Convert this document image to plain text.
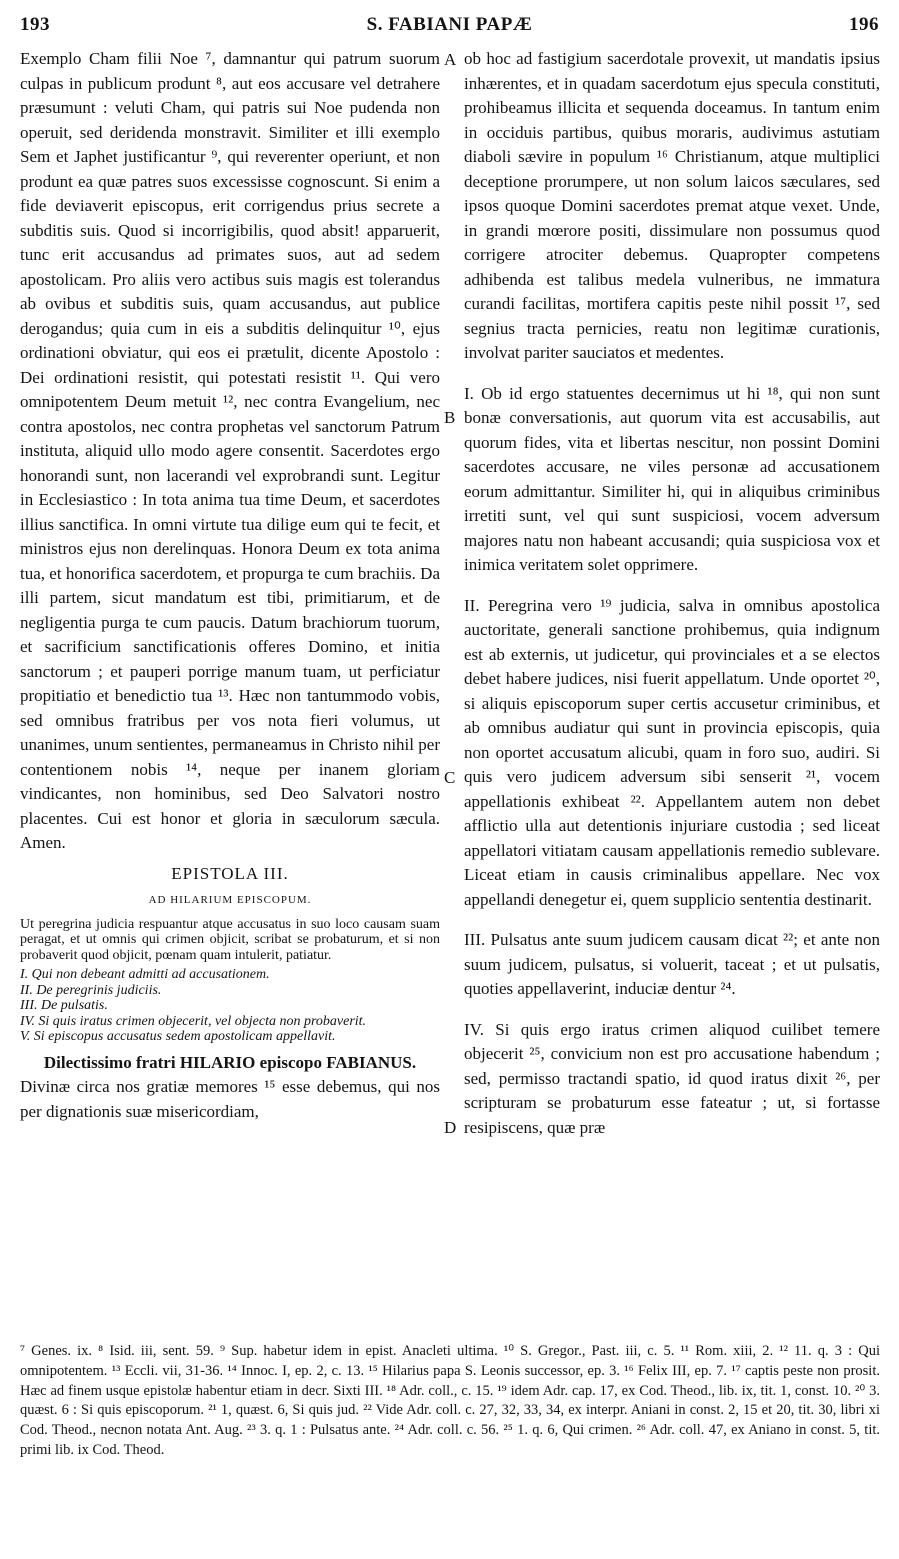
193	S. FABIANI PAPÆ	196

Exemplo Cham filii Noe ⁷, damnantur qui patrum suorum culpas in publicum produnt ⁸, aut eos accusare vel detrahere præsumunt : veluti Cham, qui patris sui Noe pudenda non operuit, sed deridenda monstravit. Similiter et illi exemplo Sem et Japhet justificantur ⁹, qui reverenter operiunt, et non produnt ea quæ patres suos excessisse cognoscunt. Si enim a fide deviaverit episcopus, erit corrigendus prius secrete a subditis suis. Quod si incorrigibilis, quod absit! apparuerit, tunc erit accusandus ad primates suos, aut ad sedem apostolicam. Pro aliis vero actibus suis magis est tolerandus ab ovibus et subditis suis, quam accusandus, aut publice derogandus; quia cum in eis a subditis delinquitur ¹⁰, ejus ordinationi obviatur, qui eos ei prætulit, dicente Apostolo : Dei ordinationi resistit, qui potestati resistit ¹¹. Qui vero omnipotentem Deum metuit ¹², nec contra Evangelium, nec contra apostolos, nec contra prophetas vel sanctorum Patrum instituta, aliquid ullo modo agere consentit. Sacerdotes ergo honorandi sunt, non lacerandi vel exprobrandi sunt. Legitur in Ecclesiastico : In tota anima tua time Deum, et sacerdotes illius sanctifica. In omni virtute tua dilige eum qui te fecit, et ministros ejus non derelinquas. Honora Deum ex tota anima tua, et honorifica sacerdotem, et propurga te cum brachiis. Da illi partem, sicut mandatum est tibi, primitiarum, et de negligentia purga te cum paucis. Datum brachiorum tuorum, et sacrificium sanctificationis offeres Domino, et initia sanctorum ; et pauperi porrige manum tuam, ut perficiatur propitiatio et benedictio tua ¹³. Hæc non tantummodo vobis, sed omnibus fratribus per vos nota fieri volumus, ut unanimes, unum sentientes, permaneamus in Christo nihil per contentionem nobis ¹⁴, neque per inanem gloriam vindicantes, non hominibus, sed Deo Salvatori nostro placentes. Cui est honor et gloria in sæculorum sæcula. Amen.

EPISTOLA III.
AD HILARIUM EPISCOPUM.
Ut peregrina judicia respuantur atque accusatus in suo loco causam suam peragat, et ut omnis qui crimen objicit, scribat se probaturum, et si non probaverit quod objicit, pœnam quam intulerit, patiatur.
I. Qui non debeant admitti ad accusationem.
II. De peregrinis judiciis.
III. De pulsatis.
IV. Si quis iratus crimen objecerit, vel objecta non probaverit.
V. Si episcopus accusatus sedem apostolicam appellavit.
Dilectissimo fratri HILARIO episcopo FABIANUS.

Divinæ circa nos gratiæ memores ¹⁵ esse debemus, qui nos per dignationis suæ misericordiam,

A
B
C
D

ob hoc ad fastigium sacerdotale provexit, ut mandatis ipsius inhærentes, et in quadam sacerdotum ejus specula constituti, prohibeamus illicita et sequenda doceamus. In tantum enim in occiduis partibus, quibus moraris, audivimus astutiam diaboli sævire in populum ¹⁶ Christianum, atque multiplici deceptione prorumpere, ut non solum laicos sæculares, sed ipsos quoque Domini sacerdotes premat atque vexet. Unde, in grandi mœrore positi, dissimulare non possumus quod corrigere atrociter debemus. Quapropter competens adhibenda est talibus medela vulneribus, ne immatura curandi facilitas, mortifera capitis peste nihil possit ¹⁷, sed segnius tracta pernicies, reatu non legitimæ curationis, involvat pariter sauciatos et medentes.

I. Ob id ergo statuentes decernimus ut hi ¹⁸, qui non sunt bonæ conversationis, aut quorum vita est accusabilis, aut quorum fides, vita et libertas nescitur, non possint Domini sacerdotes accusare, ne viles personæ ad accusationem eorum admittantur. Similiter hi, qui in aliquibus criminibus irretiti sunt, vel qui sunt suspiciosi, vocem adversum majores natu non habeant accusandi; quia suspiciosa vox et inimica veritatem solet opprimere.

II. Peregrina vero ¹⁹ judicia, salva in omnibus apostolica auctoritate, generali sanctione prohibemus, quia indignum est ab externis, ut judicetur, qui provinciales et a se electos debet habere judices, nisi fuerit appellatum. Unde oportet ²⁰, si aliquis episcoporum super certis accusetur criminibus, et ab omnibus audiatur qui sunt in provincia episcopis, quia non oportet accusatum alicubi, quam in foro suo, audiri. Si quis vero judicem adversum sibi senserit ²¹, vocem appellationis exhibeat ²². Appellantem autem non debet afflictio ulla aut detentionis injuriare custodia ; sed liceat appellatori vitiatam causam appellationis remedio sublevare. Liceat etiam in causis criminalibus appellare. Nec vox appellandi denegetur ei, quem supplicio sententia destinarit.

III. Pulsatus ante suum judicem causam dicat ²²; et ante non suum judicem, pulsatus, si voluerit, taceat ; et ut pulsatis, quoties appellaverint, induciæ dentur ²⁴.

IV. Si quis ergo iratus crimen aliquod cuilibet temere objecerit ²⁵, convicium non est pro accusatione habendum ; sed, permisso tractandi spatio, id quod iratus dixit ²⁶, per scripturam se probaturum esse fateatur ; ut, si fortasse resipiscens, quæ præ

⁷ Genes. ix. ⁸ Isid. iii, sent. 59. ⁹ Sup. habetur idem in epist. Anacleti ultima. ¹⁰ S. Gregor., Past. iii, c. 5. ¹¹ Rom. xiii, 2. ¹² 11. q. 3 : Qui omnipotentem. ¹³ Eccli. vii, 31-36. ¹⁴ Innoc. I, ep. 2, c. 13. ¹⁵ Hilarius papa S. Leonis successor, ep. 3. ¹⁶ Felix III, ep. 7. ¹⁷ captis peste non prosit. Hæc ad finem usque epistolæ habentur etiam in decr. Sixti III. ¹⁸ Adr. coll., c. 15. ¹⁹ idem Adr. cap. 17, ex Cod. Theod., lib. ix, tit. 1, const. 10. ²⁰ 3. quæst. 6 : Si quis episcoporum. ²¹ 1, quæst. 6, Si quis jud. ²² Vide Adr. coll. c. 27, 32, 33, 34, ex interpr. Aniani in const. 2, 15 et 20, tit. 30, libri xi Cod. Theod., necnon notata Ant. Aug. ²³ 3. q. 1 : Pulsatus ante. ²⁴ Adr. coll. c. 56. ²⁵ 1. q. 6, Qui crimen. ²⁶ Adr. coll. 47, ex Aniano in const. 5, tit. primi lib. ix Cod. Theod.
